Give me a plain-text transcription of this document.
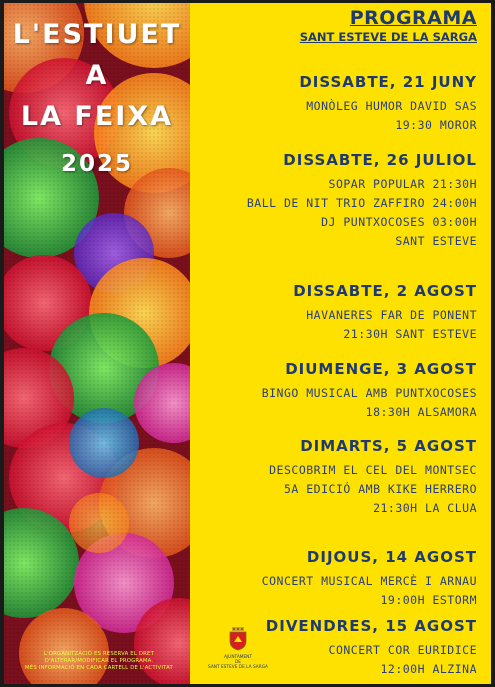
L'ESTIUET
A
LA FEIXA
2025
L'ORGANITZACIÓ ES RESERVA EL DRET
D'ALTERAR/MODIFICAR EL PROGRAMA.
MÉS INFORMACIÓ EN CADA CARTELL DE L'ACTIVITAT
PROGRAMA
SANT ESTEVE DE LA SARGA
DISSABTE, 21 JUNY
MONÒLEG HUMOR DAVID SAS
19:30 MOROR
DISSABTE, 26 JULIOL
SOPAR POPULAR 21:30H
BALL DE NIT TRIO ZAFFIRO 24:00H
DJ PUNTXOCOSES 03:00H
SANT ESTEVE
DISSABTE, 2 AGOST
HAVANERES FAR DE PONENT
21:30H SANT ESTEVE
DIUMENGE, 3 AGOST
BINGO MUSICAL AMB PUNTXOCOSES
18:30H ALSAMORA
DIMARTS, 5 AGOST
DESCOBRIM EL CEL DEL MONTSEC
5A EDICIÓ AMB KIKE HERRERO
21:30H LA CLUA
DIJOUS, 14 AGOST
CONCERT MUSICAL MERCÈ I ARNAU
19:00H ESTORM
DIVENDRES, 15 AGOST
CONCERT COR EURIDICE
12:00H ALZINA
AJUNTAMENT
DE
SANT ESTEVE DE LA SARGA
